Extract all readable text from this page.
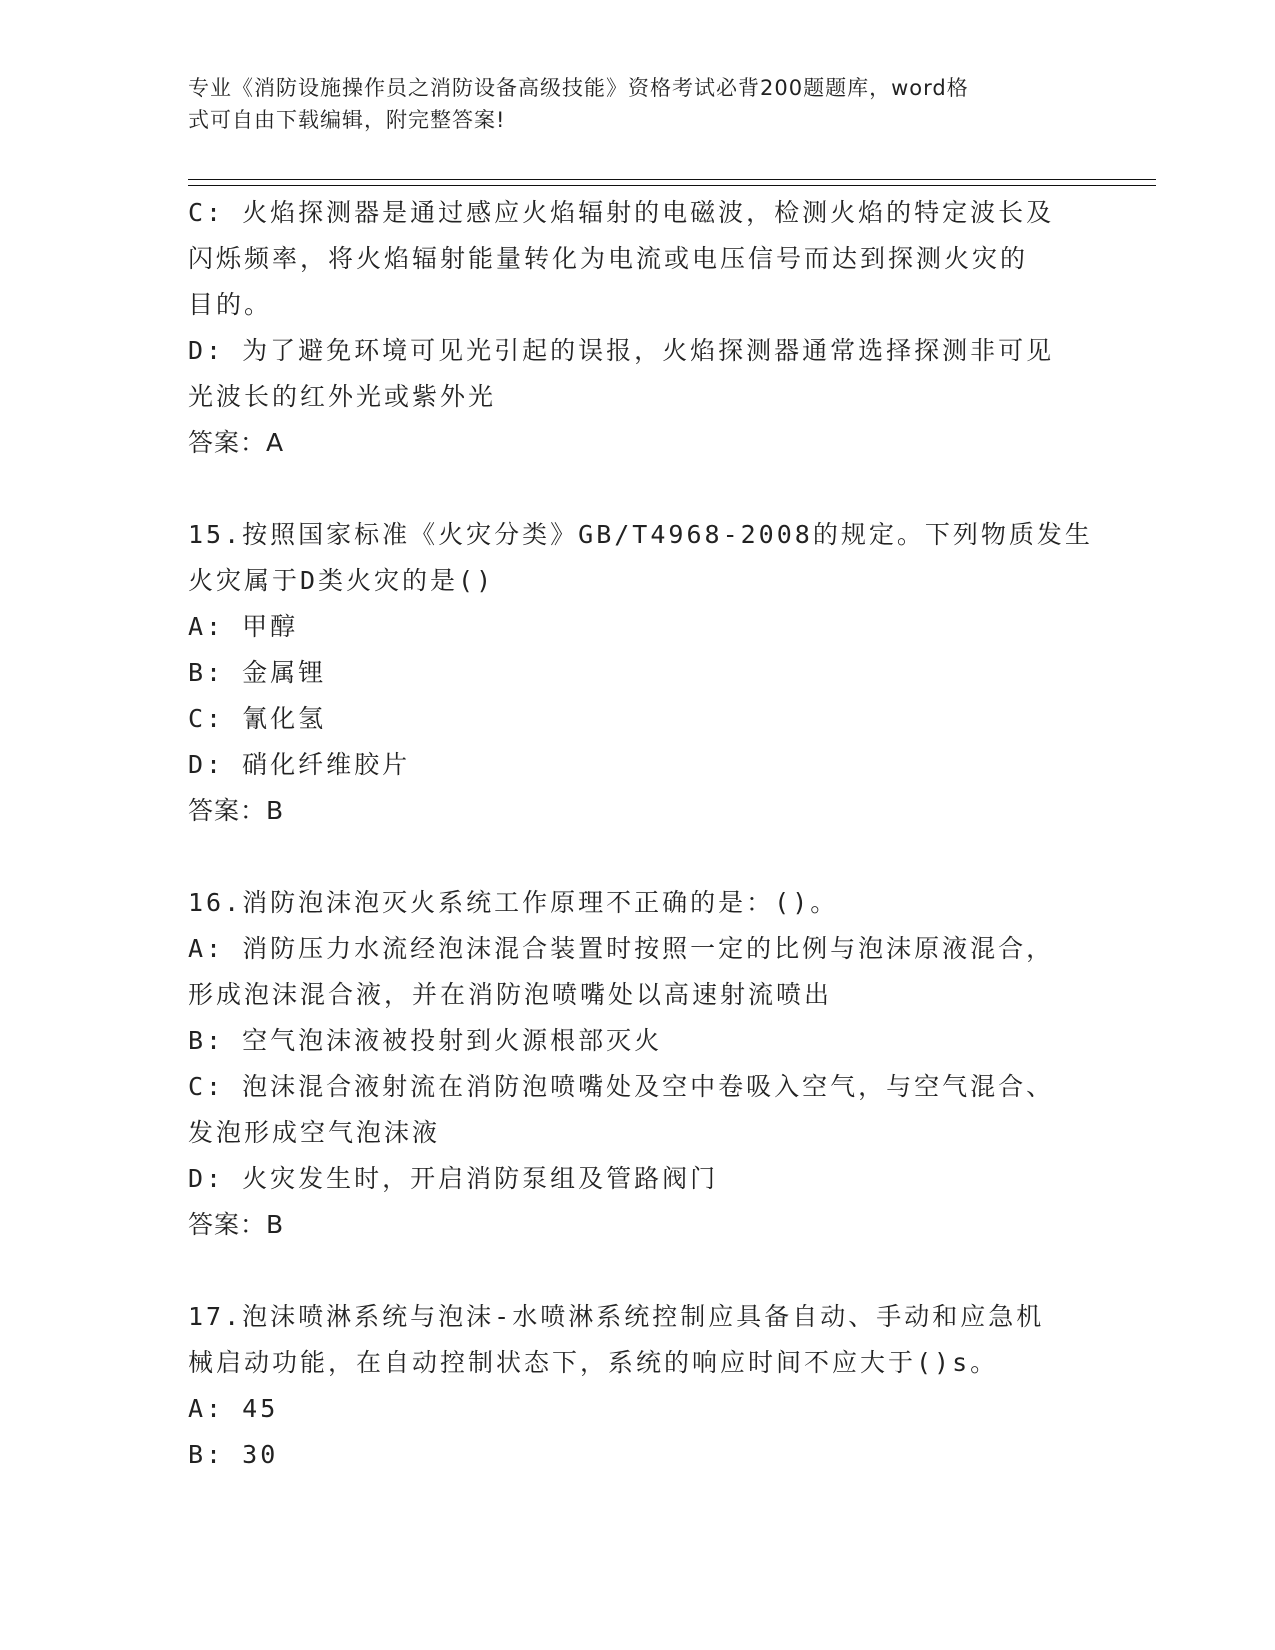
专业《消防设施操作员之消防设备高级技能》资格考试必背200题题库，word格
式可自由下载编辑，附完整答案!

C: 火焰探测器是通过感应火焰辐射的电磁波，检测火焰的特定波长及

闪烁频率，将火焰辐射能量转化为电流或电压信号而达到探测火灾的

目的。

D: 为了避免环境可见光引起的误报，火焰探测器通常选择探测非可见

光波长的红外光或紫外光

答案：A

15.按照国家标准《火灾分类》GB/T4968-2008的规定。下列物质发生

火灾属于D类火灾的是()

A: 甲醇

B: 金属锂

C: 氰化氢

D: 硝化纤维胶片

答案：B

16.消防泡沫泡灭火系统工作原理不正确的是：()。

A: 消防压力水流经泡沫混合装置时按照一定的比例与泡沫原液混合，

形成泡沫混合液，并在消防泡喷嘴处以高速射流喷出

B: 空气泡沫液被投射到火源根部灭火

C: 泡沫混合液射流在消防泡喷嘴处及空中卷吸入空气，与空气混合、

发泡形成空气泡沫液

D: 火灾发生时，开启消防泵组及管路阀门

答案：B

17.泡沫喷淋系统与泡沫-水喷淋系统控制应具备自动、手动和应急机

械启动功能，在自动控制状态下，系统的响应时间不应大于()s。

A: 45

B: 30
